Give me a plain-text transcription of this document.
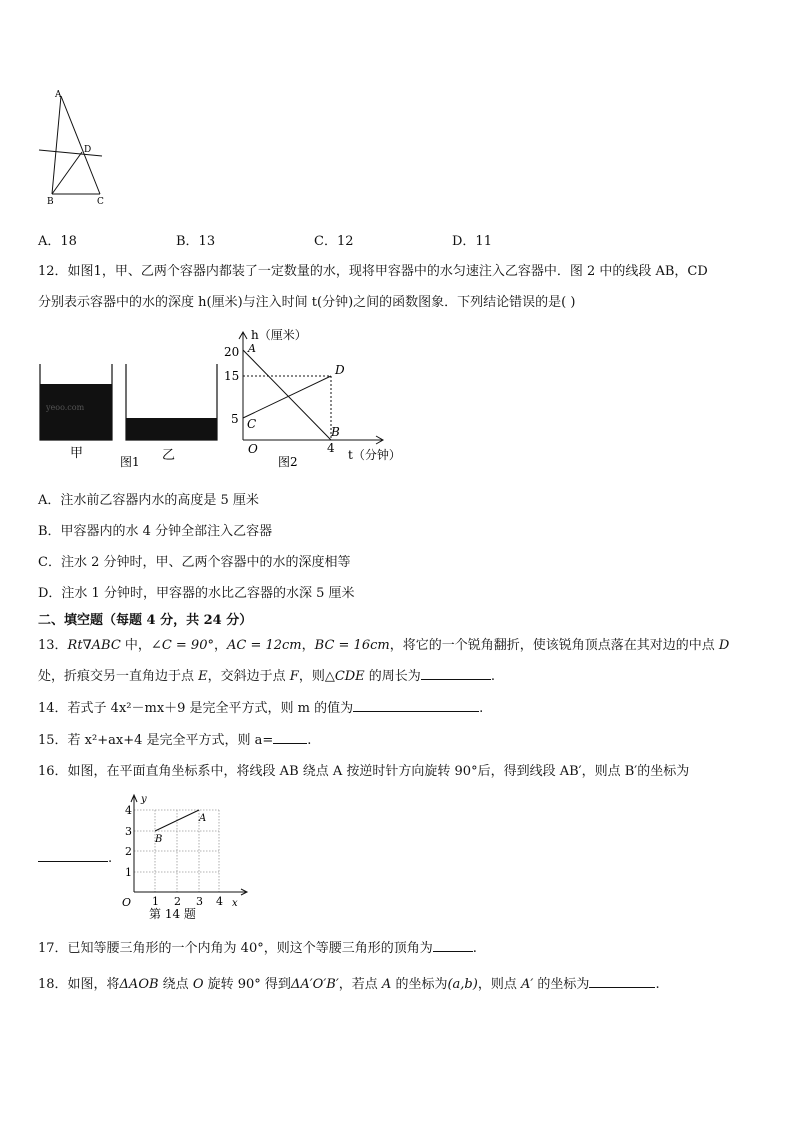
A
D
B	C
A．18	B．13	C．12	D．11
12．如图1，甲、乙两个容器内都装了一定数量的水，现将甲容器中的水匀速注入乙容器中．图 2 中的线段 AB，CD
分别表示容器中的水的深度 h(厘米)与注入时间 t(分钟)之间的函数图象．下列结论错误的是( )
yeoo.com
甲
图1 乙
h（厘米）
20 A
15	D
5 C
B
O	4 t（分钟）
图2
A．注水前乙容器内水的高度是 5 厘米
B．甲容器内的水 4 分钟全部注入乙容器
C．注水 2 分钟时，甲、乙两个容器中的水的深度相等
D．注水 1 分钟时，甲容器的水比乙容器的水深 5 厘米
二、填空题（每题 4 分，共 24 分）
13．Rt∇ABC 中，∠C = 90°，AC = 12cm，BC = 16cm，将它的一个锐角翻折，使该锐角顶点落在其对边的中点 D
处，折痕交另一直角边于点 E，交斜边于点 F，则△CDE 的周长为	.
14．若式子 4x²－mx＋9 是完全平方式，则 m 的值为	.
15．若 x²+ax+4 是完全平方式，则 a=	.
16．如图，在平面直角坐标系中，将线段 AB 绕点 A 按逆时针方向旋转 90°后，得到线段 AB′，则点 B′的坐标为
y
A
B
4
3
2
1
O 1 2 3 4 x
第 14 题
.
17．已知等腰三角形的一个内角为 40°，则这个等腰三角形的顶角为	.
18．如图，将ΔAOB 绕点 O 旋转 90° 得到ΔA′O′B′，若点 A 的坐标为(a,b)，则点 A′ 的坐标为	.
